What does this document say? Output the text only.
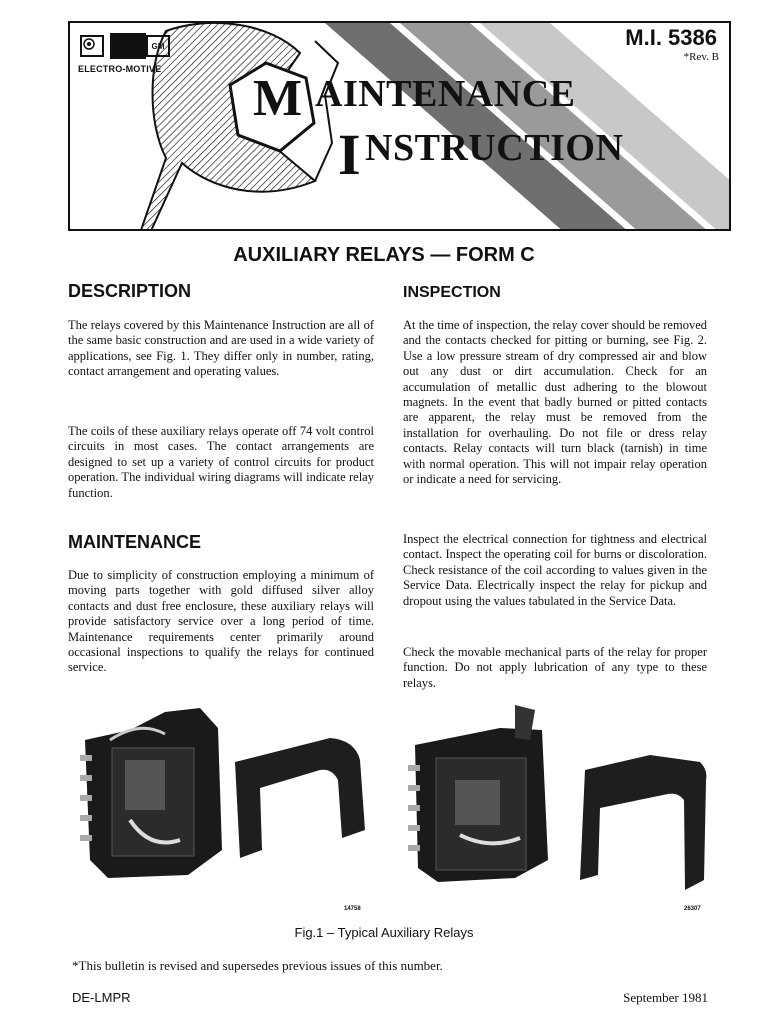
GM
ELECTRO-MOTIVE
M.I. 5386
*Rev. B
M AINTENANCE
I NSTRUCTION
AUXILIARY RELAYS — FORM C
DESCRIPTION

The relays covered by this Maintenance Instruction are all of the same basic construction and are used in a wide variety of applications, see Fig. 1. They differ only in number, rating, contact arrangement and operating values.

The coils of these auxiliary relays operate off 74 volt control circuits in most cases. The contact arrangements are designed to set up a variety of control circuits for product operation. The individual wiring diagrams will indicate relay function.

MAINTENANCE

Due to simplicity of construction employing a minimum of moving parts together with gold diffused silver alloy contacts and dust free enclosure, these auxiliary relays will provide satisfactory service over a long period of time. Maintenance requirements center primarily around occasional inspections to qualify the relays for continued service.

INSPECTION

At the time of inspection, the relay cover should be removed and the contacts checked for pitting or burning, see Fig. 2. Use a low pressure stream of dry compressed air and blow out any dust or dirt accumulation. Check for an accumulation of metallic dust adhering to the blowout magnets. In the event that badly burned or pitted contacts are apparent, the relay must be removed from the installation for overhauling. Do not file or dress relay contacts. Relay contacts will turn black (tarnish) in time with normal operation. This will not impair relay operation or indicate a need for servicing.

Inspect the electrical connection for tightness and electrical contact. Inspect the operating coil for burns or discoloration. Check resistance of the coil according to values given in the Service Data. Electrically inspect the relay for pickup and dropout using the values tabulated in the Service Data.

Check the movable mechanical parts of the relay for proper function. Do not apply lubrication of any type to these relays.

14758	26307
Fig.1 – Typical Auxiliary Relays
*This bulletin is revised and supersedes previous issues of this number.
DE-LMPR	September 1981
